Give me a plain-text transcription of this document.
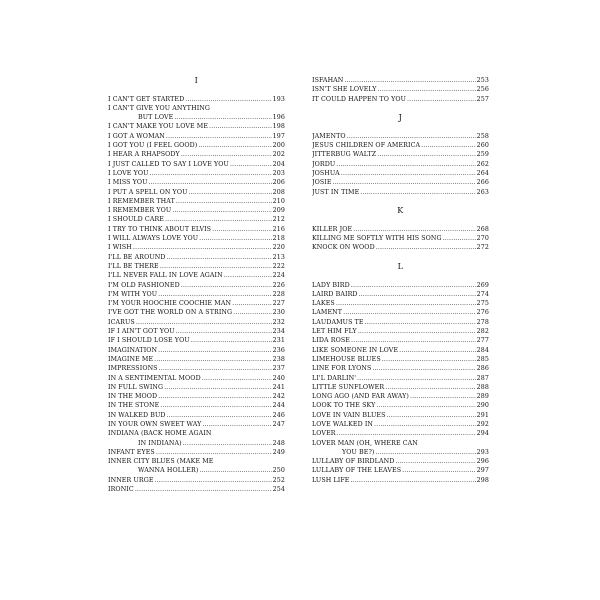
I
I CAN'T GET STARTED .....	193
I CAN'T GIVE YOU ANYTHING
BUT LOVE .....	196
I CAN'T MAKE YOU LOVE ME .....	198
I GOT A WOMAN .....	197
I GOT YOU (I FEEL GOOD) .....	200
I HEAR A RHAPSODY .....	202
I JUST CALLED TO SAY I LOVE YOU .....	204
I LOVE YOU .....	203
I MISS YOU .....	206
I PUT A SPELL ON YOU .....	208
I REMEMBER THAT .....	210
I REMEMBER YOU .....	209
I SHOULD CARE .....	212
I TRY TO THINK ABOUT ELVIS .....	216
I WILL ALWAYS LOVE YOU .....	218
I WISH .....	220
I'LL BE AROUND .....	213
I'LL BE THERE .....	222
I'LL NEVER FALL IN LOVE AGAIN .....	224
I'M OLD FASHIONED .....	226
I'M WITH YOU .....	228
I'M YOUR HOOCHIE COOCHIE MAN .....	227
I'VE GOT THE WORLD ON A STRING .....	230
ICARUS .....	232
IF I AIN'T GOT YOU .....	234
IF I SHOULD LOSE YOU .....	231
IMAGINATION .....	236
IMAGINE ME .....	238
IMPRESSIONS .....	237
IN A SENTIMENTAL MOOD .....	240
IN FULL SWING .....	241
IN THE MOOD .....	242
IN THE STONE .....	244
IN WALKED BUD .....	246
IN YOUR OWN SWEET WAY .....	247
INDIANA (BACK HOME AGAIN
IN INDIANA) .....	248
INFANT EYES .....	249
INNER CITY BLUES (MAKE ME
WANNA HOLLER) .....	250
INNER URGE .....	252
IRONIC .....	254
ISFAHAN .....	253
ISN'T SHE LOVELY .....	256
IT COULD HAPPEN TO YOU .....	257
J
JAMENTO .....	258
JESUS CHILDREN OF AMERICA .....	260
JITTERBUG WALTZ .....	259
JORDU .....	262
JOSHUA .....	264
JOSIE .....	266
JUST IN TIME .....	263
K
KILLER JOE .....	268
KILLING ME SOFTLY WITH HIS SONG .....	270
KNOCK ON WOOD .....	272
L
LADY BIRD .....	269
LAIRD BAIRD .....	274
LAKES .....	275
LAMENT .....	276
LAUDAMUS TE .....	278
LET HIM FLY .....	282
LIDA ROSE .....	277
LIKE SOMEONE IN LOVE .....	284
LIMEHOUSE BLUES .....	285
LINE FOR LYONS .....	286
LI'L DARLIN' .....	287
LITTLE SUNFLOWER .....	288
LONG AGO (AND FAR AWAY) .....	289
LOOK TO THE SKY .....	290
LOVE IN VAIN BLUES .....	291
LOVE WALKED IN .....	292
LOVER .....	294
LOVER MAN (OH, WHERE CAN
YOU BE?) .....	293
LULLABY OF BIRDLAND .....	296
LULLABY OF THE LEAVES .....	297
LUSH LIFE .....	298
